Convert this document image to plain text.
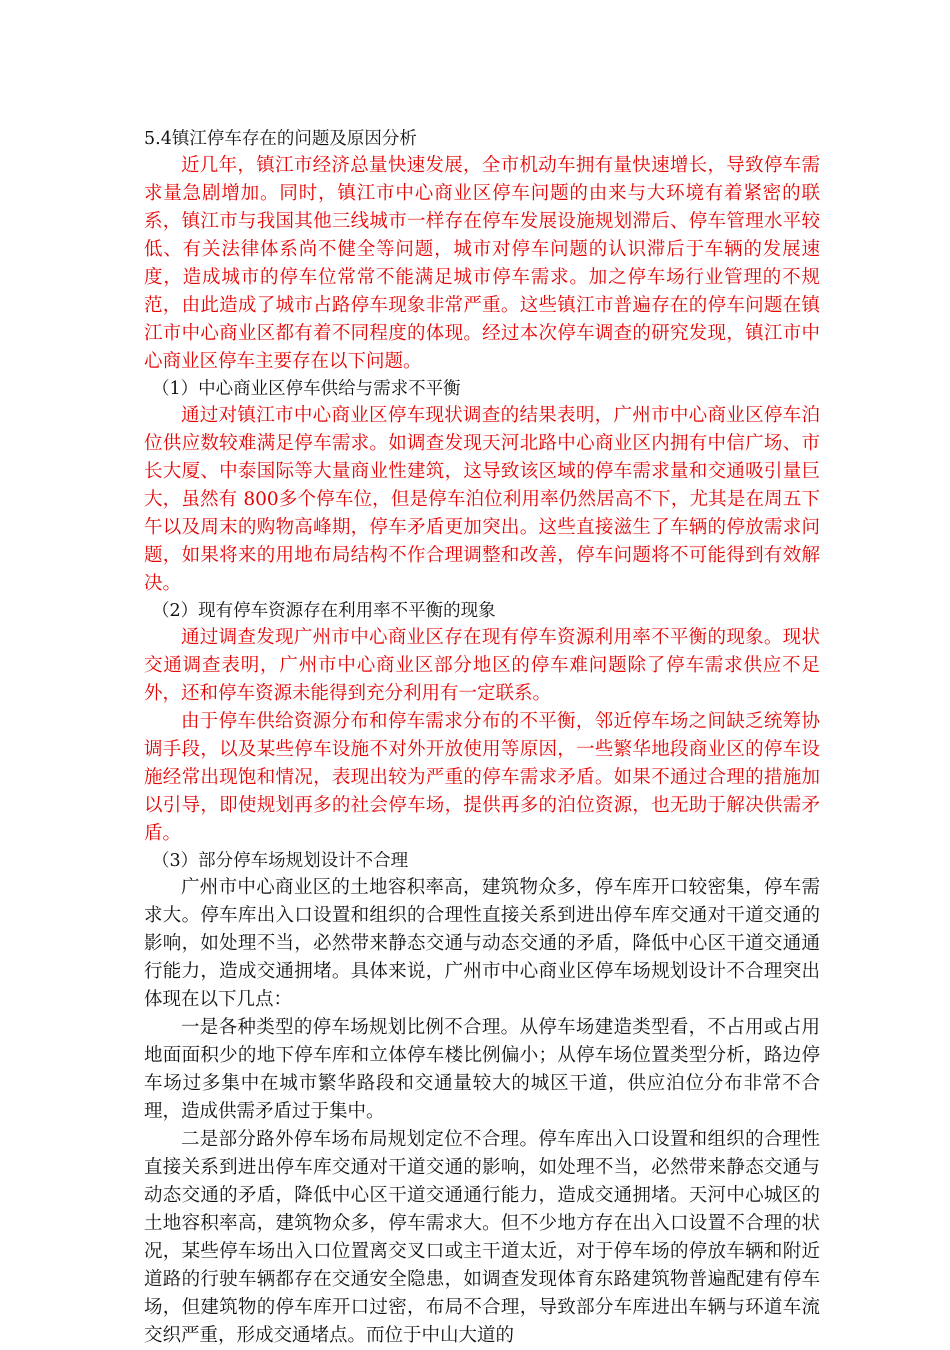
5.4镇江停车存在的问题及原因分析

近几年，镇江市经济总量快速发展，全市机动车拥有量快速增长，导致停车需求量急剧增加。同时，镇江市中心商业区停车问题的由来与大环境有着紧密的联系，镇江市与我国其他三线城市一样存在停车发展设施规划滞后、停车管理水平较低、有关法律体系尚不健全等问题，城市对停车问题的认识滞后于车辆的发展速度，造成城市的停车位常常不能满足城市停车需求。加之停车场行业管理的不规范，由此造成了城市占路停车现象非常严重。这些镇江市普遍存在的停车问题在镇江市中心商业区都有着不同程度的体现。经过本次停车调查的研究发现，镇江市中心商业区停车主要存在以下问题。

（1）中心商业区停车供给与需求不平衡

通过对镇江市中心商业区停车现状调查的结果表明，广州市中心商业区停车泊位供应数较难满足停车需求。如调查发现天河北路中心商业区内拥有中信广场、市长大厦、中泰国际等大量商业性建筑，这导致该区域的停车需求量和交通吸引量巨大，虽然有 800多个停车位，但是停车泊位利用率仍然居高不下，尤其是在周五下午以及周末的购物高峰期，停车矛盾更加突出。这些直接滋生了车辆的停放需求问题，如果将来的用地布局结构不作合理调整和改善，停车问题将不可能得到有效解决。

（2）现有停车资源存在利用率不平衡的现象

通过调查发现广州市中心商业区存在现有停车资源利用率不平衡的现象。现状交通调查表明，广州市中心商业区部分地区的停车难问题除了停车需求供应不足外，还和停车资源未能得到充分利用有一定联系。

由于停车供给资源分布和停车需求分布的不平衡，邻近停车场之间缺乏统筹协调手段，以及某些停车设施不对外开放使用等原因，一些繁华地段商业区的停车设施经常出现饱和情况，表现出较为严重的停车需求矛盾。如果不通过合理的措施加以引导，即使规划再多的社会停车场，提供再多的泊位资源，也无助于解决供需矛盾。

（3）部分停车场规划设计不合理

广州市中心商业区的土地容积率高，建筑物众多，停车库开口较密集，停车需求大。停车库出入口设置和组织的合理性直接关系到进出停车库交通对干道交通的影响，如处理不当，必然带来静态交通与动态交通的矛盾，降低中心区干道交通通行能力，造成交通拥堵。具体来说，广州市中心商业区停车场规划设计不合理突出体现在以下几点：

一是各种类型的停车场规划比例不合理。从停车场建造类型看，不占用或占用地面面积少的地下停车库和立体停车楼比例偏小；从停车场位置类型分析，路边停车场过多集中在城市繁华路段和交通量较大的城区干道，供应泊位分布非常不合理，造成供需矛盾过于集中。

二是部分路外停车场布局规划定位不合理。停车库出入口设置和组织的合理性直接关系到进出停车库交通对干道交通的影响，如处理不当，必然带来静态交通与动态交通的矛盾，降低中心区干道交通通行能力，造成交通拥堵。天河中心城区的土地容积率高，建筑物众多，停车需求大。但不少地方存在出入口设置不合理的状况，某些停车场出入口位置离交叉口或主干道太近，对于停车场的停放车辆和附近道路的行驶车辆都存在交通安全隐患，如调查发现体育东路建筑物普遍配建有停车场，但建筑物的停车库开口过密，布局不合理，导致部分车库进出车辆与环道车流交织严重，形成交通堵点。而位于中山大道的
